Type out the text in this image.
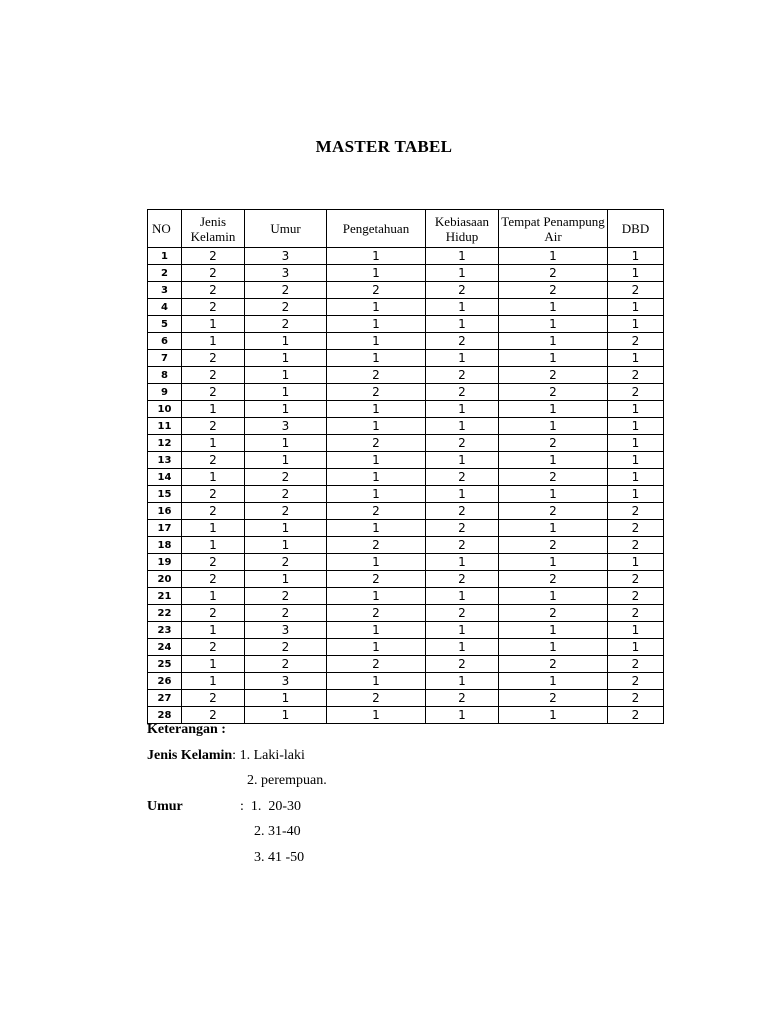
MASTER TABEL
NO	Jenis Kelamin	Umur	Pengetahuan	Kebiasaan Hidup	Tempat Penampung Air	DBD
1	2	3	1	1	1	1
2	2	3	1	1	2	1
3	2	2	2	2	2	2
4	2	2	1	1	1	1
5	1	2	1	1	1	1
6	1	1	1	2	1	2
7	2	1	1	1	1	1
8	2	1	2	2	2	2
9	2	1	2	2	2	2
10	1	1	1	1	1	1
11	2	3	1	1	1	1
12	1	1	2	2	2	1
13	2	1	1	1	1	1
14	1	2	1	2	2	1
15	2	2	1	1	1	1
16	2	2	2	2	2	2
17	1	1	1	2	1	2
18	1	1	2	2	2	2
19	2	2	1	1	1	1
20	2	1	2	2	2	2
21	1	2	1	1	1	2
22	2	2	2	2	2	2
23	1	3	1	1	1	1
24	2	2	1	1	1	1
25	1	2	2	2	2	2
26	1	3	1	1	1	2
27	2	1	2	2	2	2
28	2	1	1	1	1	2
Keterangan :
Jenis Kelamin: 1. Laki-laki
2. perempuan.
Umur	:  1.  20-30
2. 31-40
3. 41 -50
